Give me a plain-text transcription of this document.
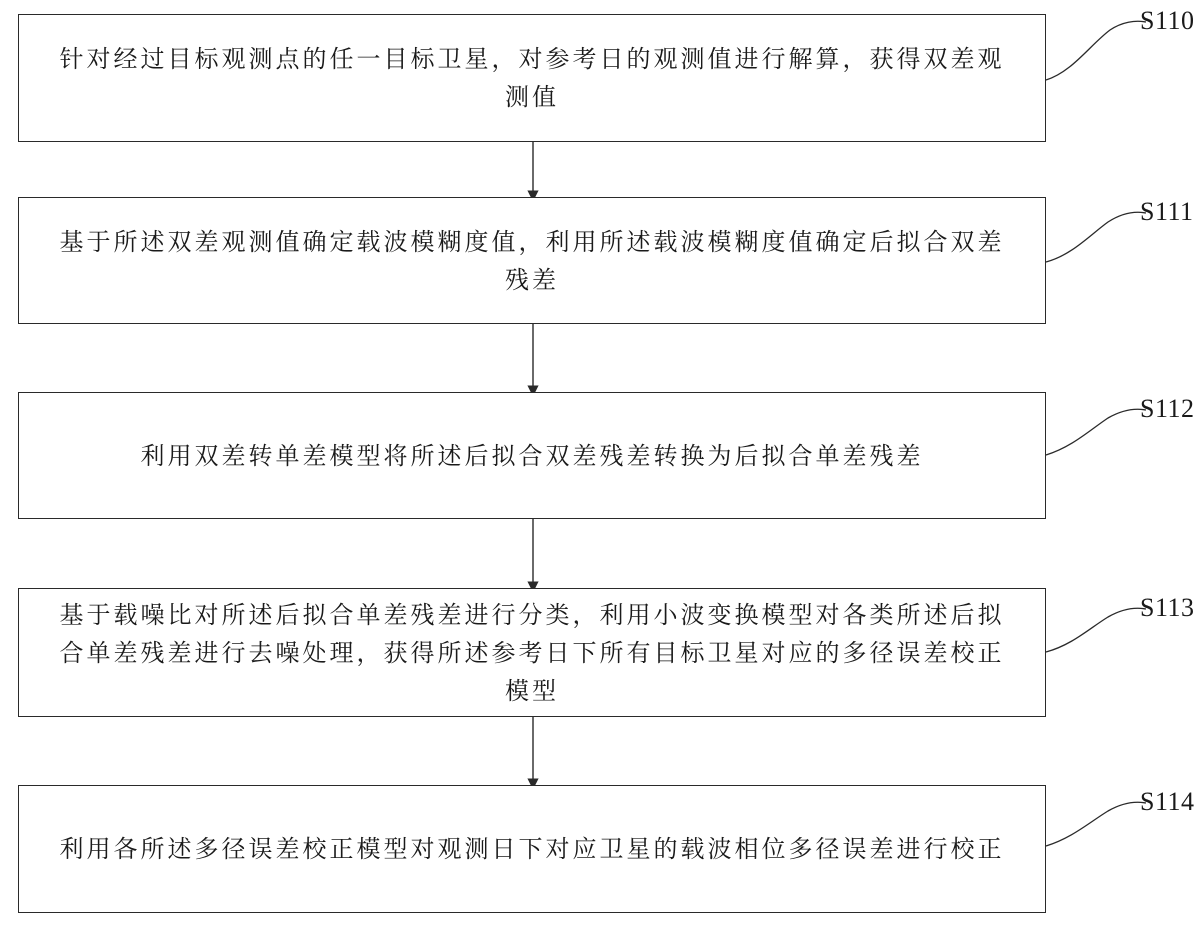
针对经过目标观测点的任一目标卫星，对参考日的观测值进行解算，获得双差观测值
S110
基于所述双差观测值确定载波模糊度值，利用所述载波模糊度值确定后拟合双差残差
S111
利用双差转单差模型将所述后拟合双差残差转换为后拟合单差残差
S112
基于载噪比对所述后拟合单差残差进行分类，利用小波变换模型对各类所述后拟合单差残差进行去噪处理，获得所述参考日下所有目标卫星对应的多径误差校正模型
S113
利用各所述多径误差校正模型对观测日下对应卫星的载波相位多径误差进行校正
S114
